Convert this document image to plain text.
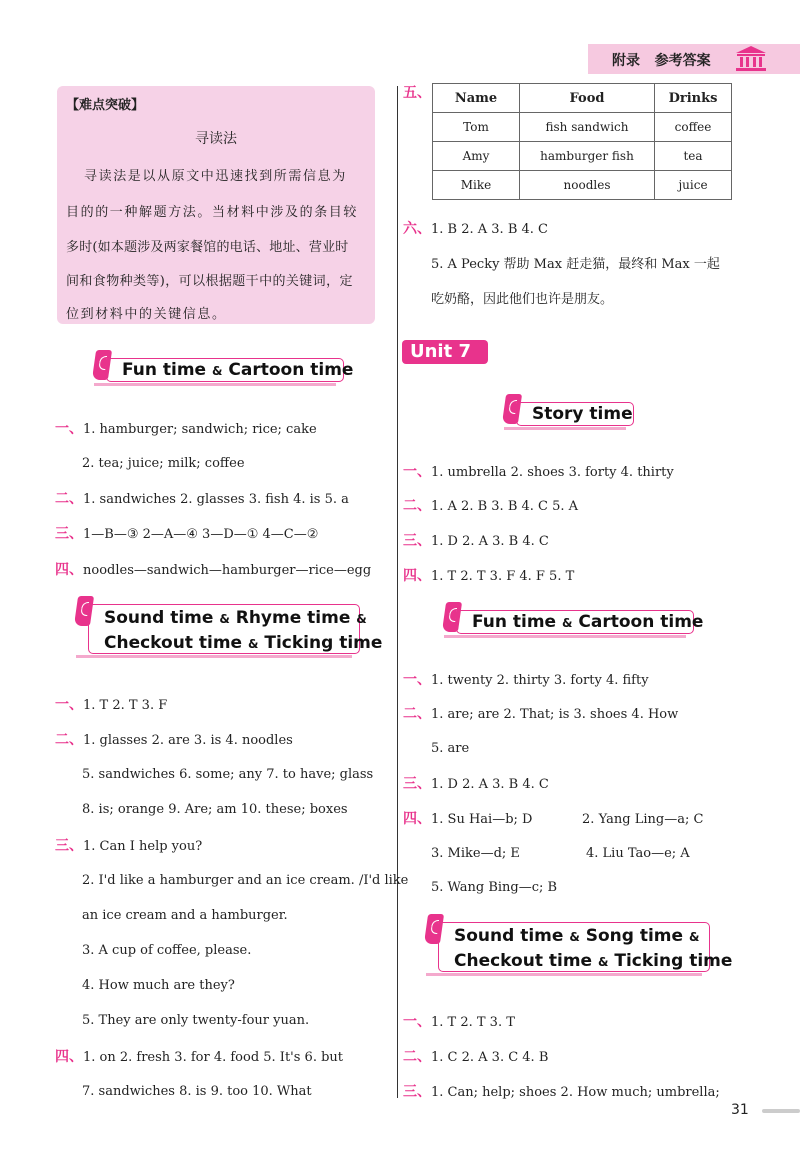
附录 参考答案
【难点突破】
寻读法
寻读法是以从原文中迅速找到所需信息为
目的的一种解题方法。当材料中涉及的条目较
多时(如本题涉及两家餐馆的电话、地址、营业时
间和食物种类等)，可以根据题干中的关键词，定
位到材料中的关键信息。
Fun time & Cartoon time
一、1. hamburger; sandwich; rice; cake
2. tea; juice; milk; coffee
二、1. sandwiches 2. glasses 3. fish 4. is 5. a
三、1—B—③ 2—A—④ 3—D—① 4—C—②
四、noodles—sandwich—hamburger—rice—egg
Sound time & Rhyme time &
Checkout time & Ticking time
一、1. T 2. T 3. F
二、1. glasses 2. are 3. is 4. noodles
5. sandwiches 6. some; any 7. to have; glass
8. is; orange 9. Are; am 10. these; boxes
三、1. Can I help you?
2. I'd like a hamburger and an ice cream. /I'd like
an ice cream and a hamburger.
3. A cup of coffee, please.
4. How much are they?
5. They are only twenty-four yuan.
四、1. on 2. fresh 3. for 4. food 5. It's 6. but
7. sandwiches 8. is 9. too 10. What
五、 Name	Food	Drinks
Tom	fish sandwich	coffee
Amy	hamburger fish	tea
Mike	noodles	juice
六、1. B 2. A 3. B 4. C
5. A Pecky 帮助 Max 赶走猫，最终和 Max 一起
吃奶酪，因此他们也许是朋友。
Unit 7
Story time
一、1. umbrella 2. shoes 3. forty 4. thirty
二、1. A 2. B 3. B 4. C 5. A
三、1. D 2. A 3. B 4. C
四、1. T 2. T 3. F 4. F 5. T
Fun time & Cartoon time
一、1. twenty 2. thirty 3. forty 4. fifty
二、1. are; are 2. That; is 3. shoes 4. How
5. are
三、1. D 2. A 3. B 4. C
四、1. Su Hai—b; D            2. Yang Ling—a; C
3. Mike—d; E                4. Liu Tao—e; A
5. Wang Bing—c; B
Sound time & Song time &
Checkout time & Ticking time
一、1. T 2. T 3. T
二、1. C 2. A 3. C 4. B
三、1. Can; help; shoes 2. How much; umbrella;
31
